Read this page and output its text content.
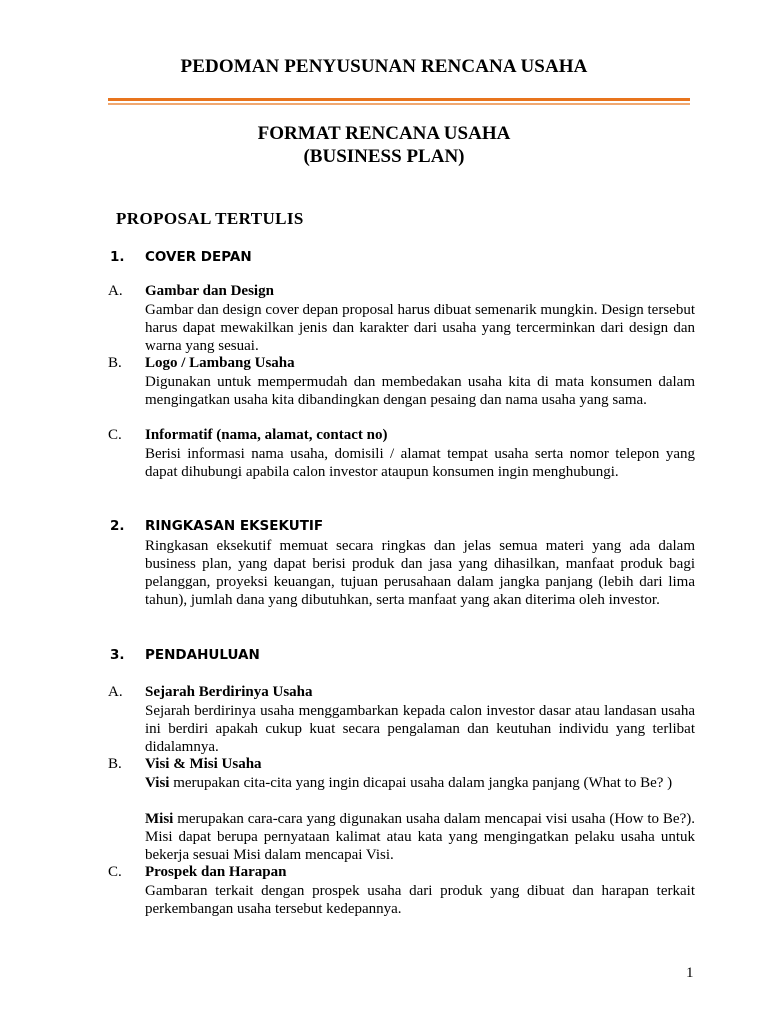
PEDOMAN PENYUSUNAN RENCANA USAHA
FORMAT RENCANA USAHA
(BUSINESS PLAN)
PROPOSAL TERTULIS
1. COVER DEPAN
A. Gambar dan Design
Gambar dan design cover depan proposal harus dibuat semenarik mungkin. Design tersebut harus dapat mewakilkan jenis dan karakter dari usaha yang tercerminkan dari design dan warna yang sesuai.
B. Logo / Lambang Usaha
Digunakan untuk mempermudah dan membedakan usaha kita di mata konsumen dalam mengingatkan usaha kita dibandingkan dengan pesaing dan nama usaha yang sama.
C. Informatif (nama, alamat, contact no)
Berisi informasi nama usaha, domisili / alamat tempat usaha serta nomor telepon yang dapat dihubungi apabila calon investor ataupun konsumen ingin menghubungi.
2. RINGKASAN EKSEKUTIF
Ringkasan eksekutif memuat secara ringkas dan jelas semua materi yang ada dalam business plan, yang dapat berisi produk dan jasa yang dihasilkan, manfaat produk bagi pelanggan, proyeksi keuangan, tujuan perusahaan dalam jangka panjang (lebih dari lima tahun), jumlah dana yang dibutuhkan, serta manfaat yang akan diterima oleh investor.
3. PENDAHULUAN
A. Sejarah Berdirinya Usaha
Sejarah berdirinya usaha menggambarkan kepada calon investor dasar atau landasan usaha ini berdiri apakah cukup kuat secara pengalaman dan keutuhan individu yang terlibat didalamnya.
B. Visi & Misi Usaha
Visi merupakan cita-cita yang ingin dicapai usaha dalam jangka panjang (What to Be? )
Misi merupakan cara-cara yang digunakan usaha dalam mencapai visi usaha (How to Be?). Misi dapat berupa pernyataan kalimat atau kata yang mengingatkan pelaku usaha untuk bekerja sesuai Misi dalam mencapai Visi.
C. Prospek dan Harapan
Gambaran terkait dengan prospek usaha dari produk yang dibuat dan harapan terkait perkembangan usaha tersebut kedepannya.
1
